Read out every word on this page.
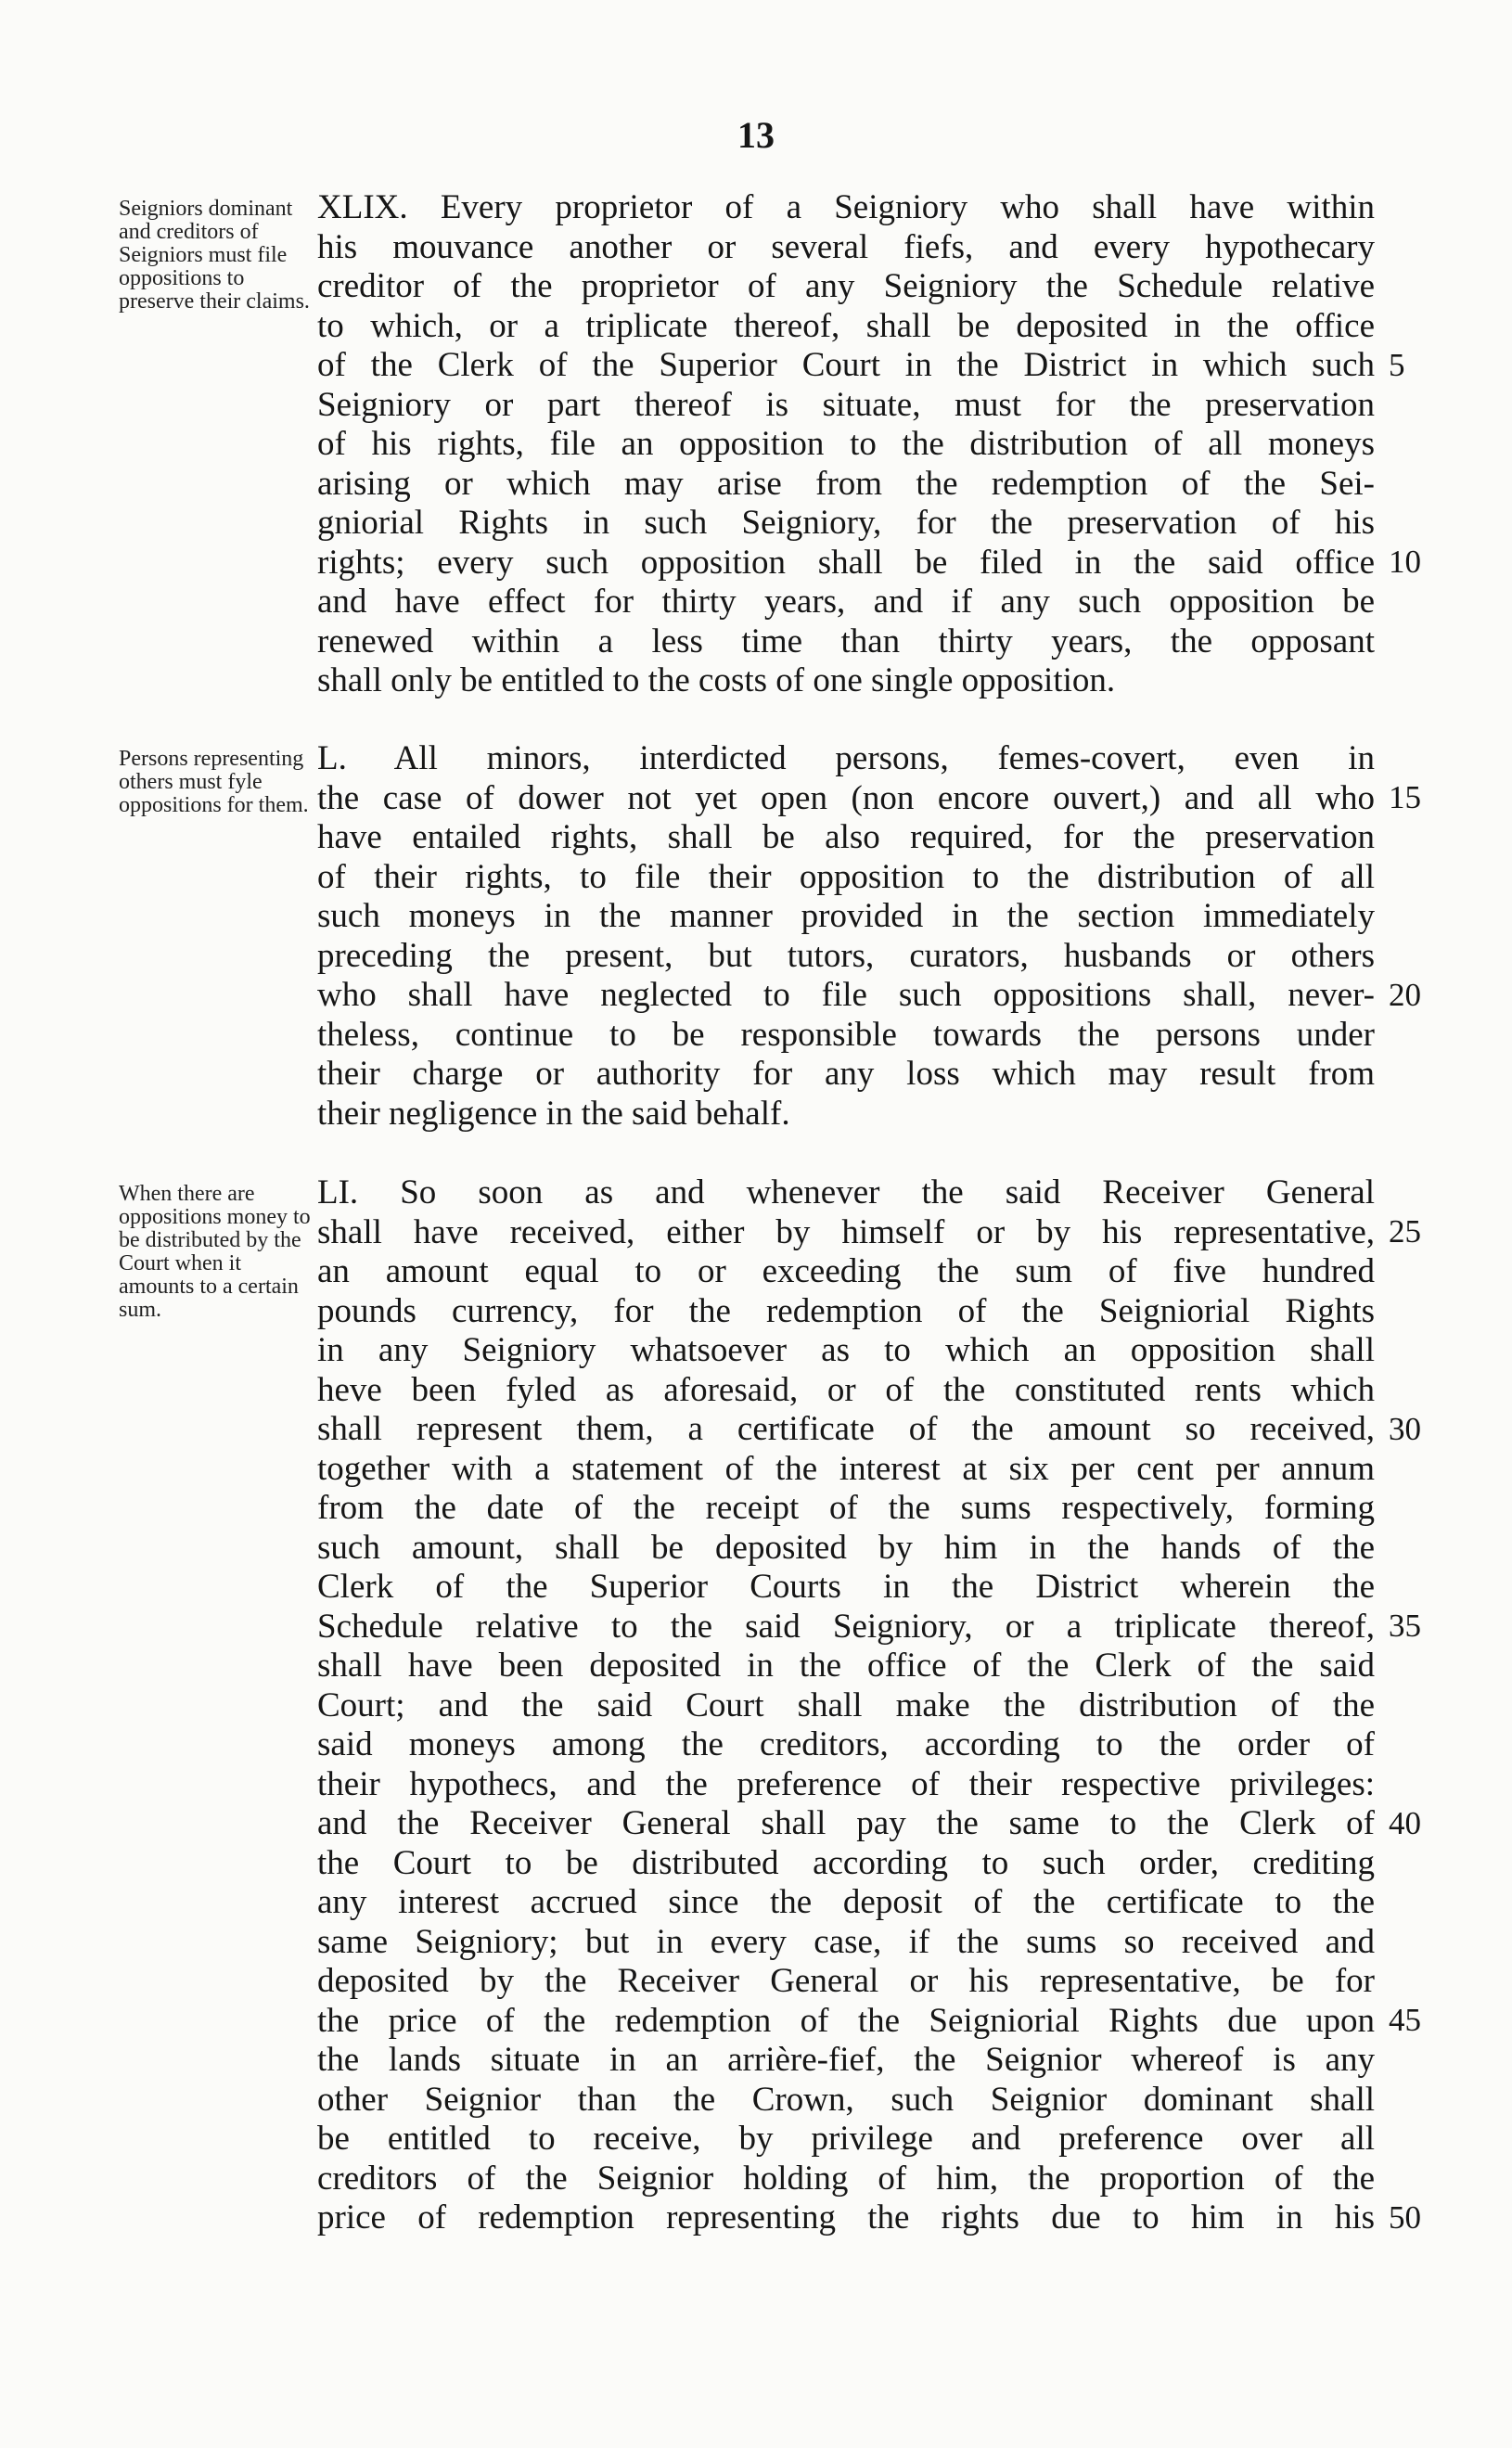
13
Seigniors dominant and creditors of Seigniors must file oppositions to preserve their claims.
Persons representing others must fyle oppositions for them.
When there are oppositions money to be distributed by the Court when it amounts to a certain sum.
XLIX. Every proprietor of a Seigniory who shall have within
his mouvance another or several fiefs, and every hypothecary
creditor of the proprietor of any Seigniory the Schedule relative
to which, or a triplicate thereof, shall be deposited in the office
of the Clerk of the Superior Court in the District in which such
Seigniory or part thereof is situate, must for the preservation
of his rights, file an opposition to the distribution of all moneys
arising or which may arise from the redemption of the Sei-
gniorial Rights in such Seigniory, for the preservation of his
rights; every such opposition shall be filed in the said office
and have effect for thirty years, and if any such opposition be
renewed within a less time than thirty years, the opposant
shall only be entitled to the costs of one single opposition.
L. All minors, interdicted persons, femes-covert, even in
the case of dower not yet open (non encore ouvert,) and all who
have entailed rights, shall be also required, for the preservation
of their rights, to file their opposition to the distribution of all
such moneys in the manner provided in the section immediately
preceding the present, but tutors, curators, husbands or others
who shall have neglected to file such oppositions shall, never-
theless, continue to be responsible towards the persons under
their charge or authority for any loss which may result from
their negligence in the said behalf.
LI. So soon as and whenever the said Receiver General
shall have received, either by himself or by his representative,
an amount equal to or exceeding the sum of five hundred
pounds currency, for the redemption of the Seigniorial Rights
in any Seigniory whatsoever as to which an opposition shall
heve been fyled as aforesaid, or of the constituted rents which
shall represent them, a certificate of the amount so received,
together with a statement of the interest at six per cent per annum
from the date of the receipt of the sums respectively, forming
such amount, shall be deposited by him in the hands of the
Clerk of the Superior Courts in the District wherein the
Schedule relative to the said Seigniory, or a triplicate thereof,
shall have been deposited in the office of the Clerk of the said
Court; and the said Court shall make the distribution of the
said moneys among the creditors, according to the order of
their hypothecs, and the preference of their respective privileges:
and the Receiver General shall pay the same to the Clerk of
the Court to be distributed according to such order, crediting
any interest accrued since the deposit of the certificate to the
same Seigniory; but in every case, if the sums so received and
deposited by the Receiver General or his representative, be for
the price of the redemption of the Seigniorial Rights due upon
the lands situate in an arrière-fief, the Seignior whereof is any
other Seignior than the Crown, such Seignior dominant shall
be entitled to receive, by privilege and preference over all
creditors of the Seignior holding of him, the proportion of the
price of redemption representing the rights due to him in his
5
10
15
20
25
30
35
40
45
50
